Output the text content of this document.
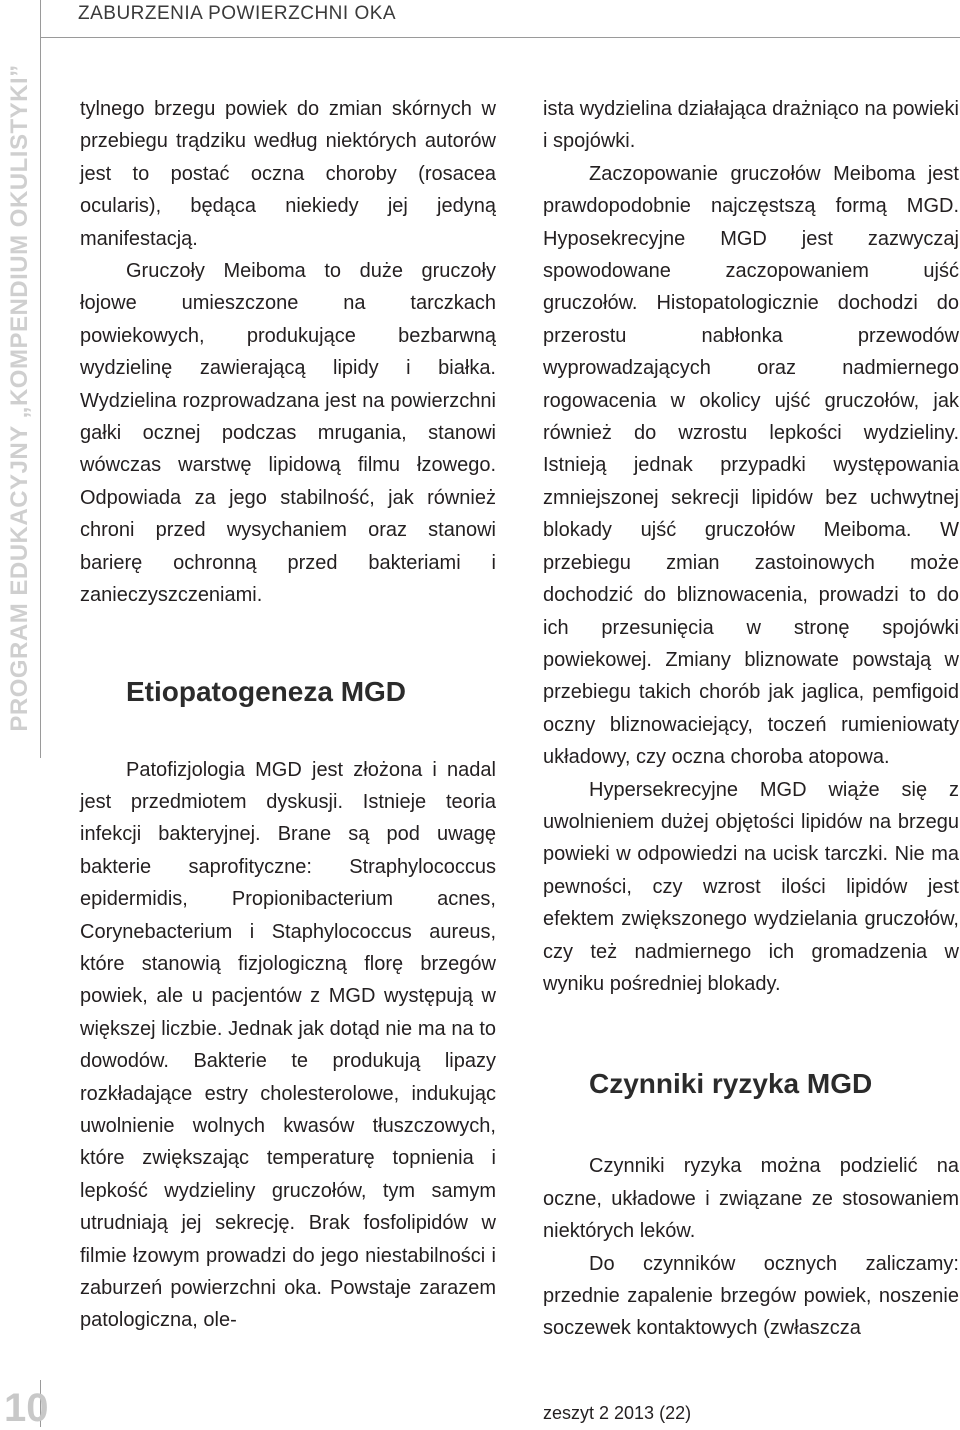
ZABURZENIA POWIERZCHNI OKA
PROGRAM EDUKACYJNY „KOMPENDIUM OKULISTYKI” tylnego brzegu powiek do zmian skórnych w przebiegu trądziku według niektórych autorów jest to postać oczna choroby (rosacea ocularis), będąca niekiedy jej jedyną manifestacją.

Gruczoły Meiboma to duże gruczoły łojowe umieszczone na tarczkach powiekowych, produkujące bezbarwną wydzielinę zawierającą lipidy i białka. Wydzielina rozprowadzana jest na powierzchni gałki ocznej podczas mrugania, stanowi wówczas warstwę lipidową filmu łzowego. Odpowiada za jego stabilność, jak również chroni przed wysychaniem oraz stanowi barierę ochronną przed bakteriami i zanieczyszczeniami.

Etiopatogeneza MGD

Patofizjologia MGD jest złożona i nadal jest przedmiotem dyskusji. Istnieje teoria infekcji bakteryjnej. Brane są pod uwagę bakterie saprofityczne: Straphylococcus epidermidis, Propionibacterium acnes, Corynebacterium i Staphylococcus aureus, które stanowią fizjologiczną florę brzegów powiek, ale u pacjentów z MGD występują w większej liczbie. Jednak jak dotąd nie ma na to dowodów. Bakterie te produkują lipazy rozkładające estry cholesterolowe, indukując uwolnienie wolnych kwasów tłuszczowych, które zwiększając temperaturę topnienia i lepkość wydzieliny gruczołów, tym samym utrudniają jej sekrecję. Brak fosfolipidów w filmie łzowym prowadzi do jego niestabilności i zaburzeń powierzchni oka. Powstaje zarazem patologiczna, ole-

ista wydzielina działająca drażniąco na powieki i spojówki.

Zaczopowanie gruczołów Meiboma jest prawdopodobnie najczęstszą formą MGD. Hyposekrecyjne MGD jest zazwyczaj spowodowane zaczopowaniem ujść gruczołów. Histopatologicznie dochodzi do przerostu nabłonka przewodów wyprowadzających oraz nadmiernego rogowacenia w okolicy ujść gruczołów, jak również do wzrostu lepkości wydzieliny. Istnieją jednak przypadki występowania zmniejszonej sekrecji lipidów bez uchwytnej blokady ujść gruczołów Meiboma. W przebiegu zmian zastoinowych może dochodzić do bliznowacenia, prowadzi to do ich przesunięcia w stronę spojówki powiekowej. Zmiany bliznowate powstają w przebiegu takich chorób jak jaglica, pemfigoid oczny bliznowaciejący, toczeń rumieniowaty układowy, czy oczna choroba atopowa.

Hypersekrecyjne MGD wiąże się z uwolnieniem dużej objętości lipidów na brzegu powieki w odpowiedzi na ucisk tarczki. Nie ma pewności, czy wzrost ilości lipidów jest efektem zwiększonego wydzielania gruczołów, czy też nadmiernego ich gromadzenia w wyniku pośredniej blokady.

Czynniki ryzyka MGD

Czynniki ryzyka można podzielić na oczne, układowe i związane ze stosowaniem niektórych leków.

Do czynników ocznych zaliczamy: przednie zapalenie brzegów powiek, noszenie soczewek kontaktowych (zwłaszcza

10	zeszyt 2 2013 (22)
